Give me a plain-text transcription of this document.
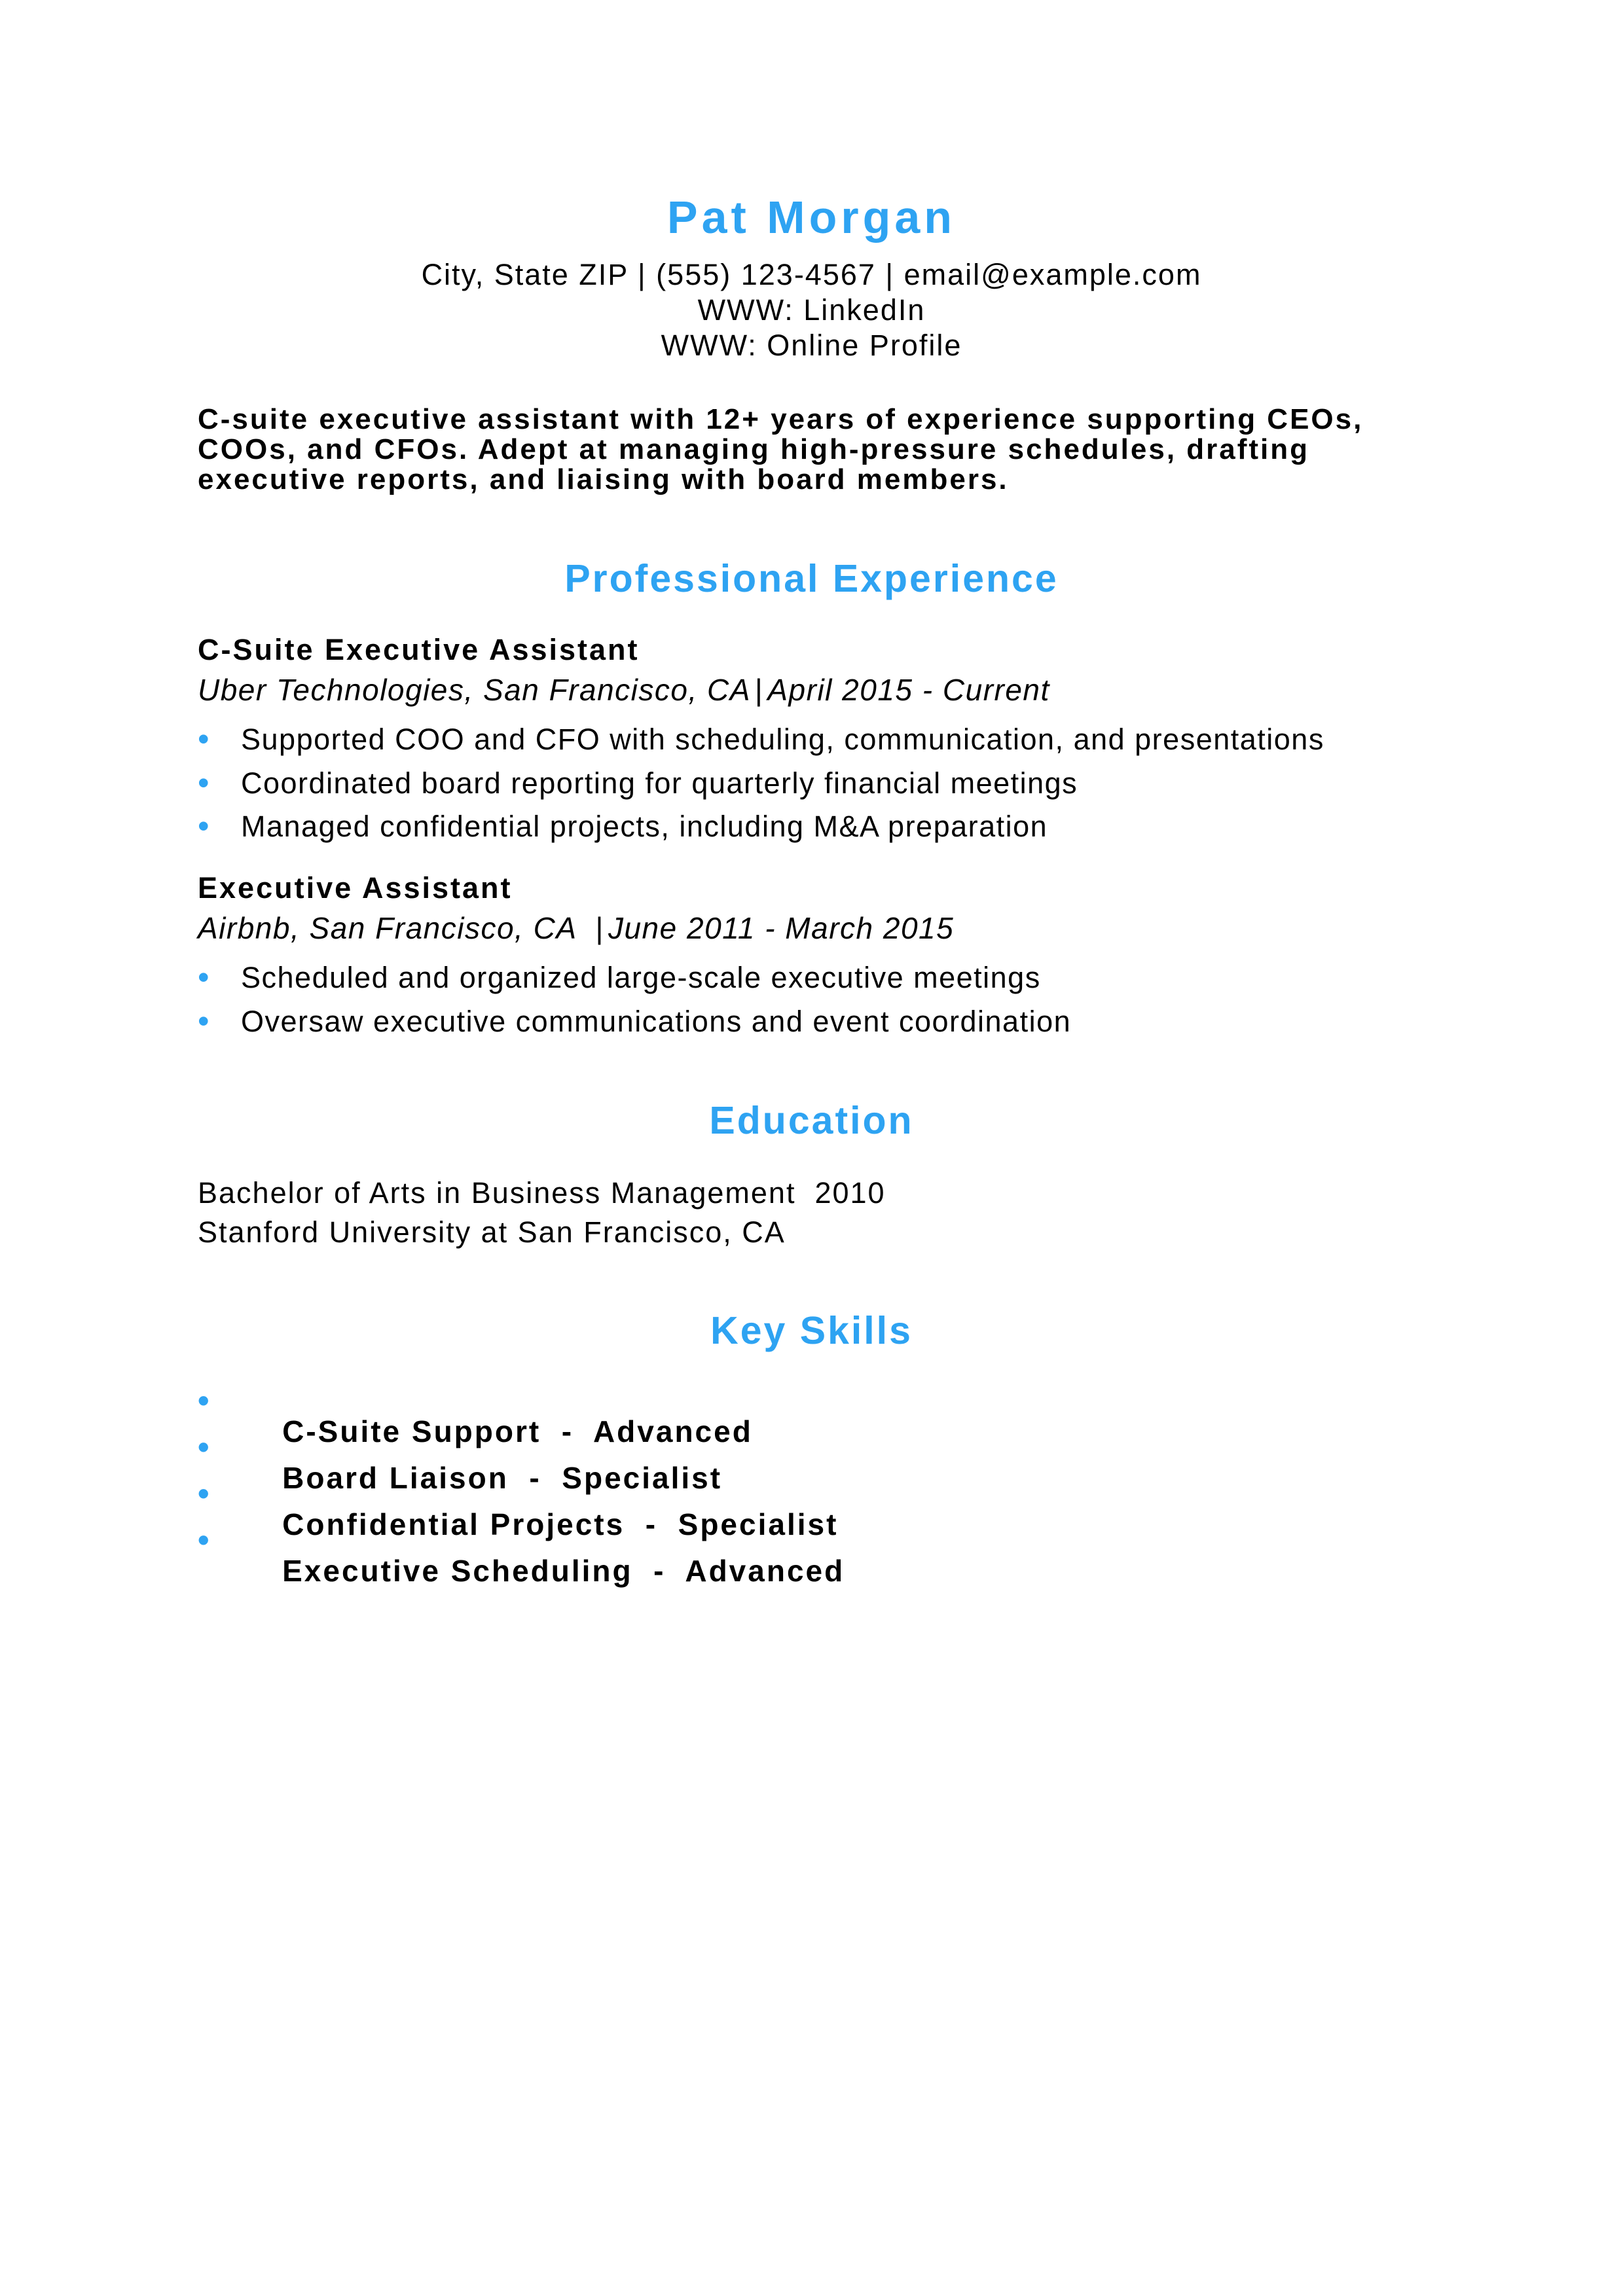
Pat Morgan
City, State ZIP | (555) 123-4567 | email@example.com
WWW: LinkedIn
WWW: Online Profile
C-suite executive assistant with 12+ years of experience supporting CEOs, COOs, and CFOs. Adept at managing high-pressure schedules, drafting executive reports, and liaising with board members.
Professional Experience
C-Suite Executive Assistant
Uber Technologies, San Francisco, CA | April 2015 - Current
•	Supported COO and CFO with scheduling, communication, and presentations
•	Coordinated board reporting for quarterly financial meetings
•	Managed confidential projects, including M&A preparation
Executive Assistant
Airbnb, San Francisco, CA | June 2011 - March 2015
•	Scheduled and organized large-scale executive meetings
•	Oversaw executive communications and event coordination
Education
Bachelor of Arts in Business Management 2010
Stanford University at San Francisco, CA
Key Skills

•
C-Suite Support - Advanced

•
Board Liaison - Specialist

•
Confidential Projects - Specialist

•
Executive Scheduling - Advanced
